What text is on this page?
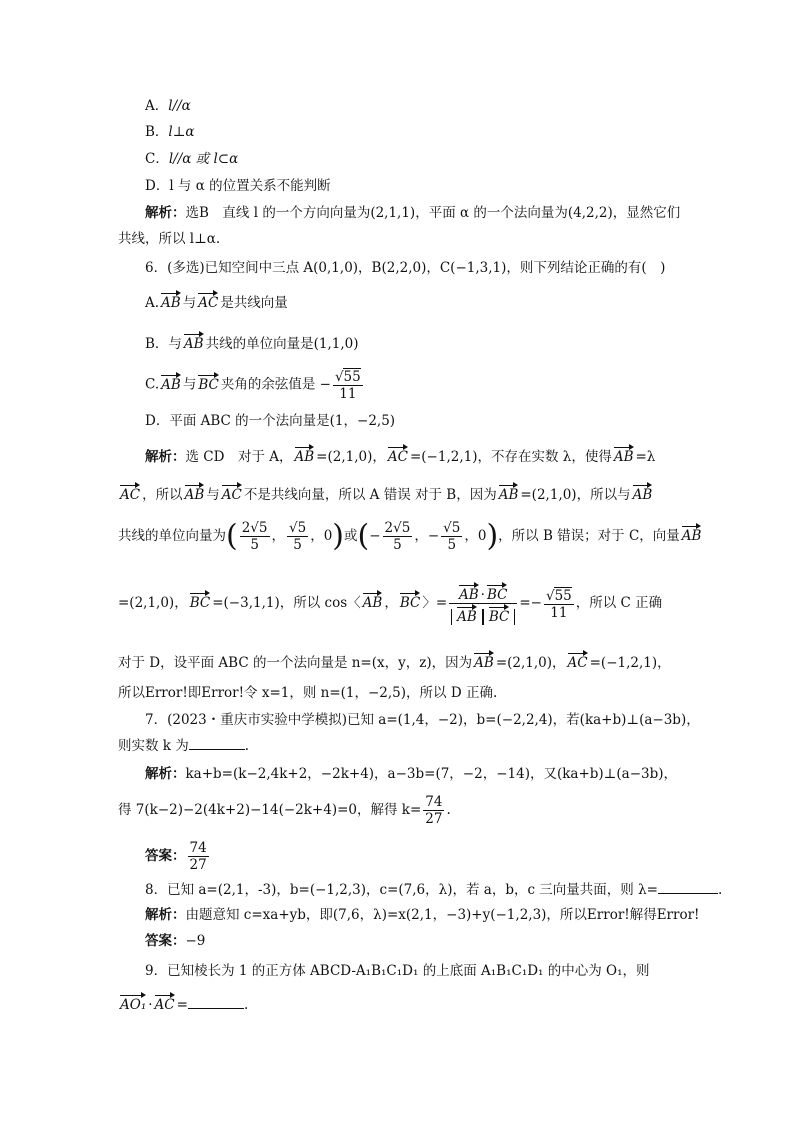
A．l//α
B．l⊥α
C．l//α 或 l⊂α
D．l 与 α 的位置关系不能判断
解析：选B　直线 l 的一个方向向量为(2,1,1)，平面 α 的一个法向量为(4,2,2)，显然它们
共线，所以 l⊥α.
6．(多选)已知空间中三点 A(0,1,0)，B(2,2,0)，C(−1,3,1)，则下列结论正确的有(　)
A. AB 与 AC 是共线向量
B．与 AB 共线的单位向量是(1,1,0)
C. AB 与 BC 夹角的余弦值是 − $\frac{√55}{11}$
D．平面 ABC 的一个法向量是(1，−2,5)
解析：选 CD　对于 A， AB =(2,1,0)， AC =(−1,2,1)，不存在实数 λ，使得 AB =λ
AC ，所以 AB 与 AC 不是共线向量，所以 A 错误 对于 B，因为 AB =(2,1,0)，所以与 AB
共线的单位向量为( $\frac{2√5}{5}$ ， $\frac{√5}{5}$ ，0)或(− $\frac{2√5}{5}$ ，− $\frac{√5}{5}$ ，0)，所以 B 错误；对于 C，向量 AB
=(2,1,0)， BC =(−3,1,1)，所以 cos〈 AB ， BC 〉= $\frac{AB \cdot BC}{\text{AB BC}} =- \frac{√55}{11}$ ，所以 C 正确
对于 D，设平面 ABC 的一个法向量是 n=(x，y，z)，因为 AB =(2,1,0)， AC =(−1,2,1)，
所以Error!即Error!令 x=1，则 n=(1，−2,5)，所以 D 正确.
7．(2023・重庆市实验中学模拟)已知 a=(1,4，−2)，b=(−2,2,4)，若(ka+b)⊥(a−3b)，
则实数 k 为	.
解析：ka+b=(k−2,4k+2，−2k+4)，a−3b=(7，−2，−14)，又(ka+b)⊥(a−3b)，
得 7(k−2)−2(4k+2)−14(−2k+4)=0，解得 $k= \frac{74}{27}$ .
答案： $\frac{74}{27}$
8．已知 a=(2,1，-3)，b=(−1,2,3)，c=(7,6，λ)，若 a，b，c 三向量共面，则 λ=	.
解析：由题意知 c=xa+yb，即(7,6，λ)=x(2,1，−3)+y(−1,2,3)，所以Error!解得Error!
答案：−9
9．已知棱长为 1 的正方体 ABCD-A₁B₁C₁D₁ 的上底面 A₁B₁C₁D₁ 的中心为 O₁，则
AO₁ · AC =	.
